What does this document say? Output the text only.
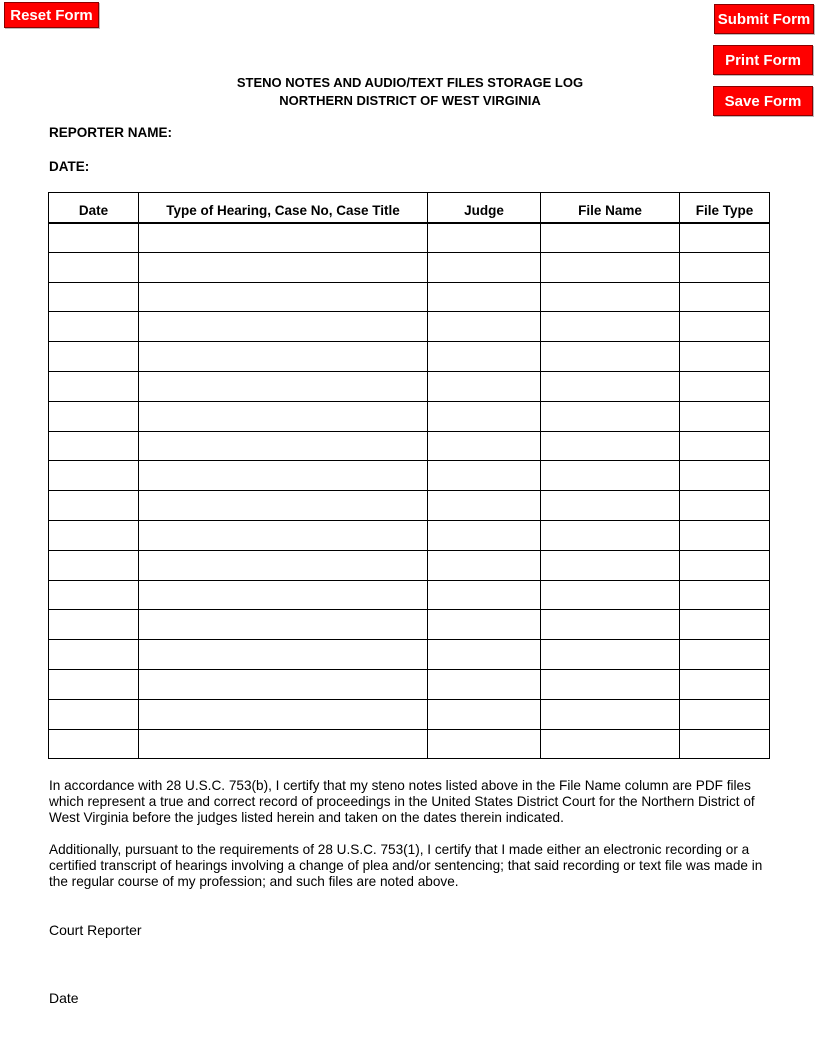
Reset Form	Submit Form
Print Form
Save Form
STENO NOTES AND AUDIO/TEXT FILES STORAGE LOG
NORTHERN DISTRICT OF WEST VIRGINIA
REPORTER NAME:
DATE:
Date	Type of Hearing, Case No, Case Title	Judge	File Name	File Type

In accordance with 28 U.S.C. 753(b), I certify that my steno notes listed above in the File Name column are PDF files which represent a true and correct record of proceedings in the United States District Court for the Northern District of West Virginia before the judges listed herein and taken on the dates therein indicated.
Additionally, pursuant to the requirements of 28 U.S.C. 753(1), I certify that I made either an electronic recording or a certified transcript of hearings involving a change of plea and/or sentencing; that said recording or text file was made in the regular course of my profession; and such files are noted above.
Court Reporter
Date
